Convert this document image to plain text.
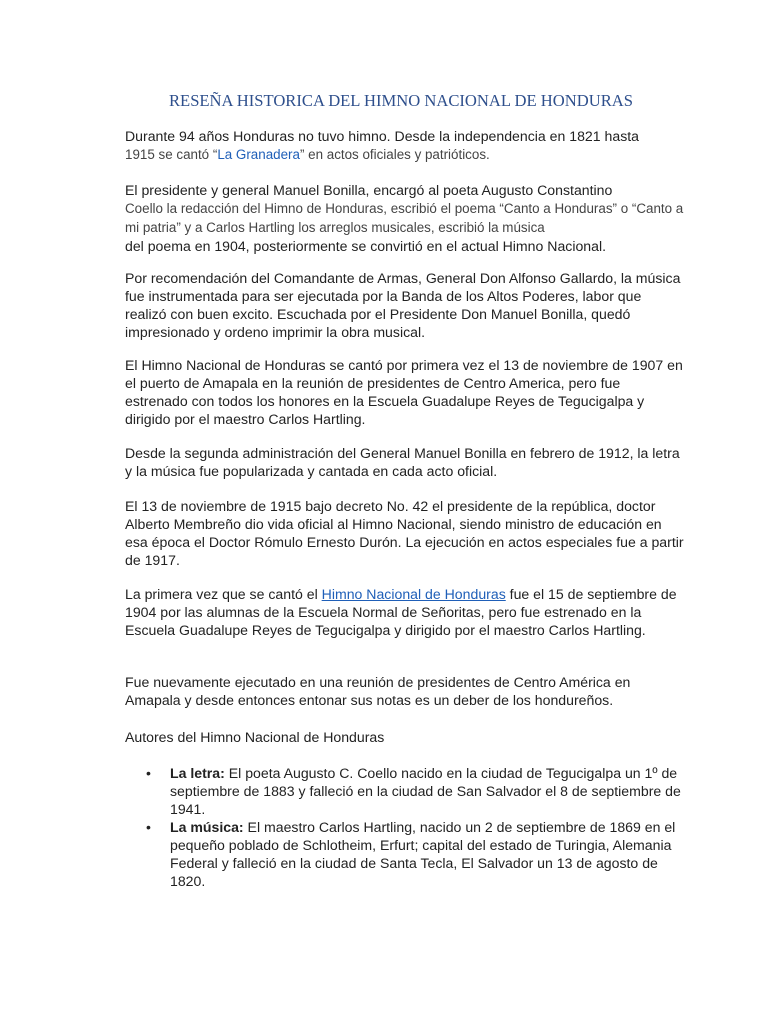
RESEÑA HISTORICA DEL HIMNO NACIONAL DE HONDURAS

Durante 94 años Honduras no tuvo himno. Desde la independencia en 1821 hasta
1915 se cantó “La Granadera” en actos oficiales y patrióticos.

El presidente y general Manuel Bonilla, encargó al poeta Augusto Constantino
Coello la redacción del Himno de Honduras, escribió el poema “Canto a Honduras” o “Canto a mi patria” y a Carlos Hartling los arreglos musicales, escribió la música
del poema en 1904, posteriormente se convirtió en el actual Himno Nacional.

Por recomendación del Comandante de Armas, General Don Alfonso Gallardo, la música fue instrumentada para ser ejecutada por la Banda de los Altos Poderes, labor que realizó con buen excito. Escuchada por el Presidente Don Manuel Bonilla, quedó impresionado y ordeno imprimir la obra musical.

El Himno Nacional de Honduras se cantó por primera vez el 13 de noviembre de 1907 en el puerto de Amapala en la reunión de presidentes de Centro America, pero fue estrenado con todos los honores en la Escuela Guadalupe Reyes de Tegucigalpa y dirigido por el maestro Carlos Hartling.

Desde la segunda administración del General Manuel Bonilla en febrero de 1912, la letra y la música fue popularizada y cantada en cada acto oficial.

El 13 de noviembre de 1915 bajo decreto No. 42 el presidente de la república, doctor Alberto Membreño dio vida oficial al Himno Nacional, siendo ministro de educación en esa época el Doctor Rómulo Ernesto Durón. La ejecución en actos especiales fue a partir de 1917.

La primera vez que se cantó el Himno Nacional de Honduras fue el 15 de septiembre de 1904 por las alumnas de la Escuela Normal de Señoritas, pero fue estrenado en la Escuela Guadalupe Reyes de Tegucigalpa y dirigido por el maestro Carlos Hartling.

Fue nuevamente ejecutado en una reunión de presidentes de Centro América en Amapala y desde entonces entonar sus notas es un deber de los hondureños.

Autores del Himno Nacional de Honduras

• La letra: El poeta Augusto C. Coello nacido en la ciudad de Tegucigalpa un 1º de septiembre de 1883 y falleció en la ciudad de San Salvador el 8 de septiembre de 1941.
• La música: El maestro Carlos Hartling, nacido un 2 de septiembre de 1869 en el pequeño poblado de Schlotheim, Erfurt; capital del estado de Turingia, Alemania Federal y falleció en la ciudad de Santa Tecla, El Salvador un 13 de agosto de 1820.
